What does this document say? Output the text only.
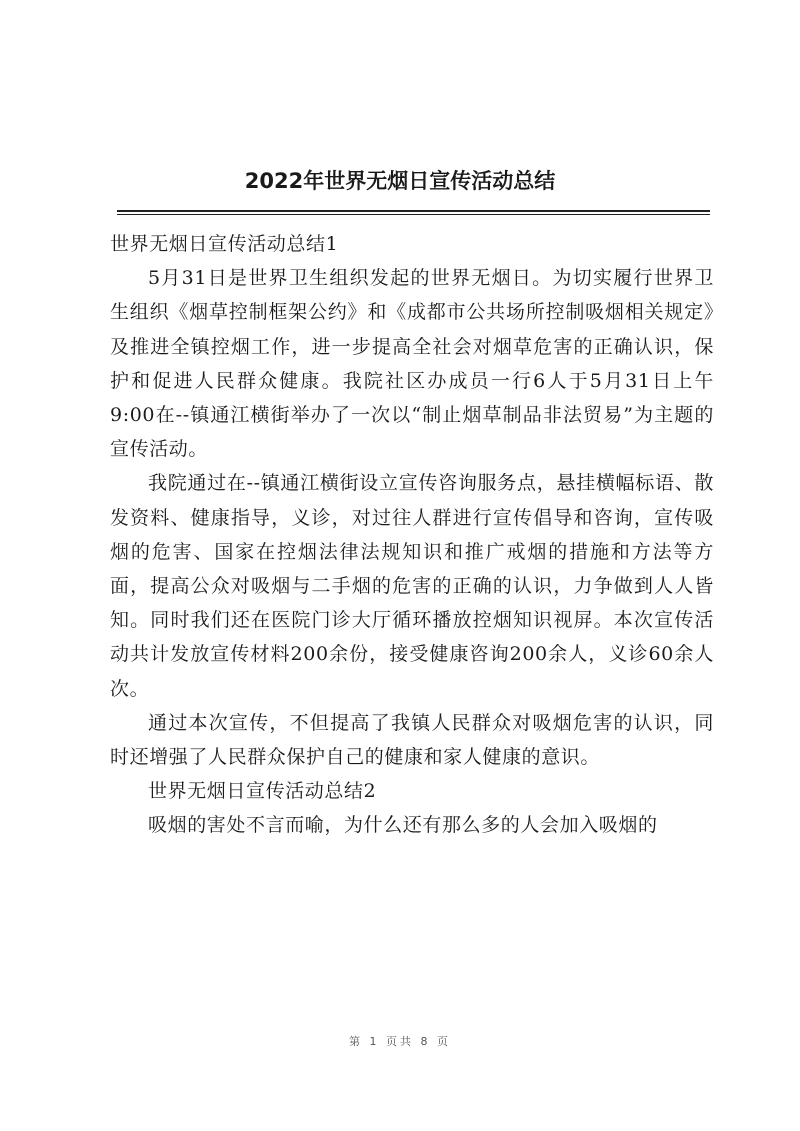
2022年世界无烟日宣传活动总结
世界无烟日宣传活动总结1

5月31日是世界卫生组织发起的世界无烟日。为切实履行世界卫生组织《烟草控制框架公约》和《成都市公共场所控制吸烟相关规定》及推进全镇控烟工作，进一步提高全社会对烟草危害的正确认识，保护和促进人民群众健康。我院社区办成员一行6人于5月31日上午9:00在--镇通江横街举办了一次以“制止烟草制品非法贸易”为主题的宣传活动。

我院通过在--镇通江横街设立宣传咨询服务点，悬挂横幅标语、散发资料、健康指导，义诊，对过往人群进行宣传倡导和咨询，宣传吸烟的危害、国家在控烟法律法规知识和推广戒烟的措施和方法等方面，提高公众对吸烟与二手烟的危害的正确的认识，力争做到人人皆知。同时我们还在医院门诊大厅循环播放控烟知识视屏。本次宣传活动共计发放宣传材料200余份，接受健康咨询200余人，义诊60余人次。

通过本次宣传，不但提高了我镇人民群众对吸烟危害的认识，同时还增强了人民群众保护自己的健康和家人健康的意识。

世界无烟日宣传活动总结2

吸烟的害处不言而喻，为什么还有那么多的人会加入吸烟的

第 1 页共 8 页
